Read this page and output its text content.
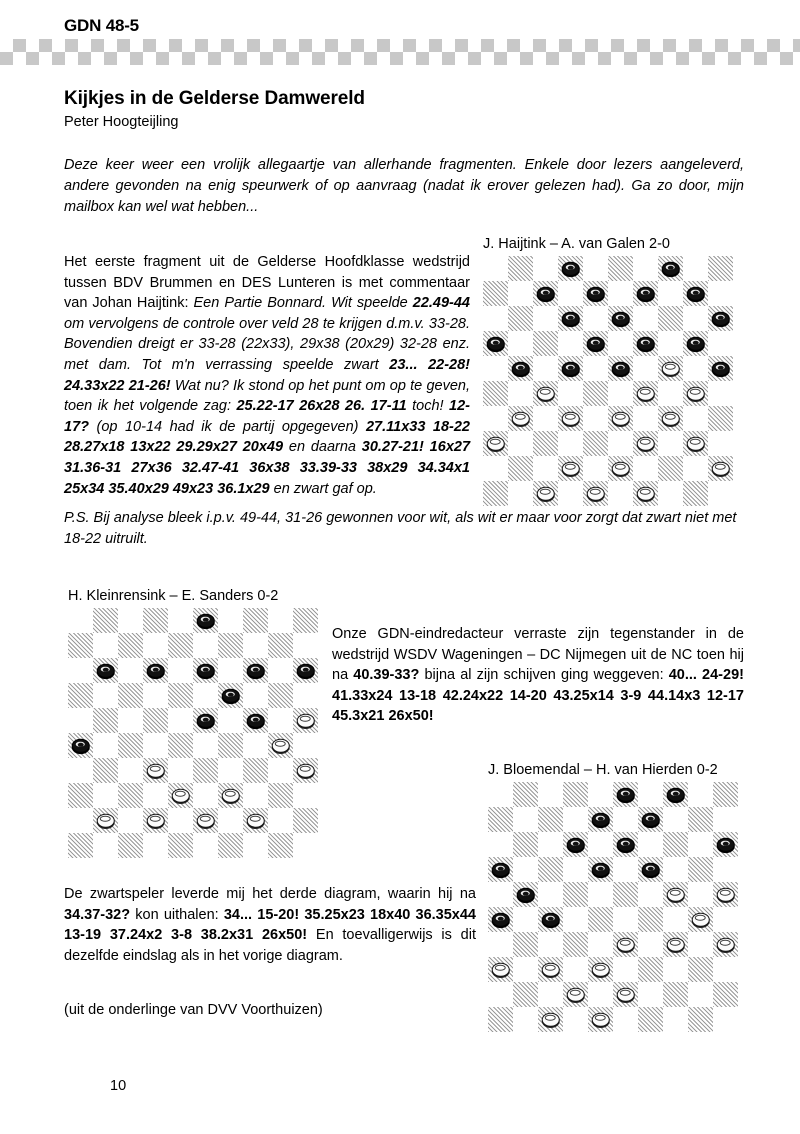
GDN 48-5
Kijkjes in de Gelderse Damwereld
Peter Hoogteijling
Deze keer weer een vrolijk allegaartje van allerhande fragmenten. Enkele door lezers aangeleverd, andere gevonden na enig speurwerk of op aanvraag (nadat ik erover gelezen had). Ga zo door, mijn mailbox kan wel wat hebben...
Het eerste fragment uit de Gelderse Hoofdklasse wedstrijd tussen BDV Brummen en DES Lunteren is met commentaar van Johan Haijtink: Een Partie Bonnard. Wit speelde 22.49-44 om vervolgens de controle over veld 28 te krijgen d.m.v. 33-28. Bovendien dreigt er 33-28 (22x33), 29x38 (20x29) 32-28 enz. met dam. Tot m'n verrassing speelde zwart 23... 22-28! 24.33x22 21-26! Wat nu? Ik stond op het punt om op te geven, toen ik het volgende zag: 25.22-17 26x28 26. 17-11 toch! 12-17? (op 10-14 had ik de partij opgegeven) 27.11x33 18-22 28.27x18 13x22 29.29x27 20x49 en daarna 30.27-21! 16x27 31.36-31 27x36 32.47-41 36x38 33.39-33 38x29 34.34x1 25x34 35.40x29 49x23 36.1x29 en zwart gaf op.
P.S. Bij analyse bleek i.p.v. 49-44, 31-26 gewonnen voor wit, als wit er maar voor zorgt dat zwart niet met 18-22 uitruilt.
Onze GDN-eindredacteur verraste zijn tegenstander in de wedstrijd WSDV Wageningen – DC Nijmegen uit de NC toen hij na 40.39-33? bijna al zijn schijven ging weggeven: 40... 24-29! 41.33x24 13-18 42.24x22 14-20 43.25x14 3-9 44.14x3 12-17 45.3x21 26x50!
De zwartspeler leverde mij het derde diagram, waarin hij na 34.37-32? kon uithalen: 34... 15-20! 35.25x23 18x40 36.35x44 13-19 37.24x2 3-8 38.2x31 26x50! En toevalligerwijs is dit dezelfde eindslag als in het vorige diagram.
(uit de onderlinge van DVV Voorthuizen)
10
J. Haijtink – A. van Galen 2-0
H. Kleinrensink – E. Sanders 0-2
J. Bloemendal – H. van Hierden 0-2
